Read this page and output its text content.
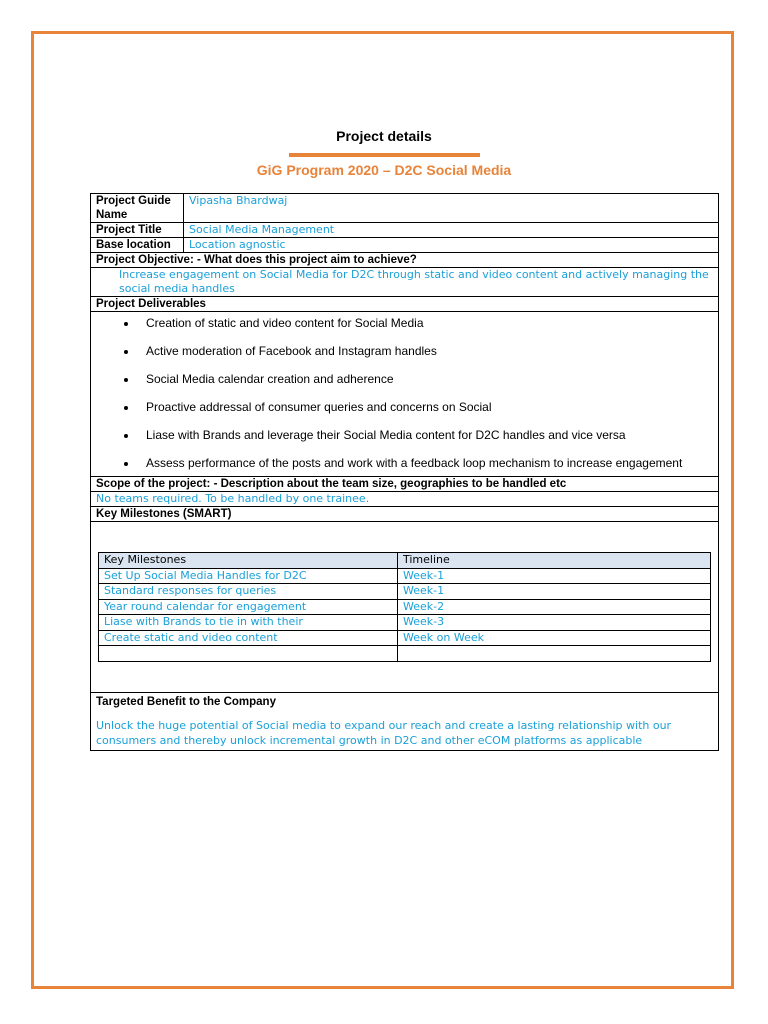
Project details
GiG Program 2020 – D2C Social Media
Project Guide Name	Vipasha Bhardwaj
Project Title	Social Media Management
Base location	Location agnostic
Project Objective: - What does this project aim to achieve?
Increase engagement on Social Media for D2C through static and video content and actively managing the social media handles
Project Deliverables

• Creation of static and video content for Social Media
• Active moderation of Facebook and Instagram handles
• Social Media calendar creation and adherence
• Proactive addressal of consumer queries and concerns on Social
• Liase with Brands and leverage their Social Media content for D2C handles and vice versa
• Assess performance of the posts and work with a feedback loop mechanism to increase engagement

Scope of the project: - Description about the team size, geographies to be handled etc
No teams required. To be handled by one trainee.
Key Milestones (SMART)

Key Milestones	Timeline
Set Up Social Media Handles for D2C	Week-1
Standard responses for queries	Week-1
Year round calendar for engagement	Week-2
Liase with Brands to tie in with their	Week-3
Create static and video content	Week on Week

Targeted Benefit to the Company
Unlock the huge potential of Social media to expand our reach and create a lasting relationship with our consumers and thereby unlock incremental growth in D2C and other eCOM platforms as applicable
